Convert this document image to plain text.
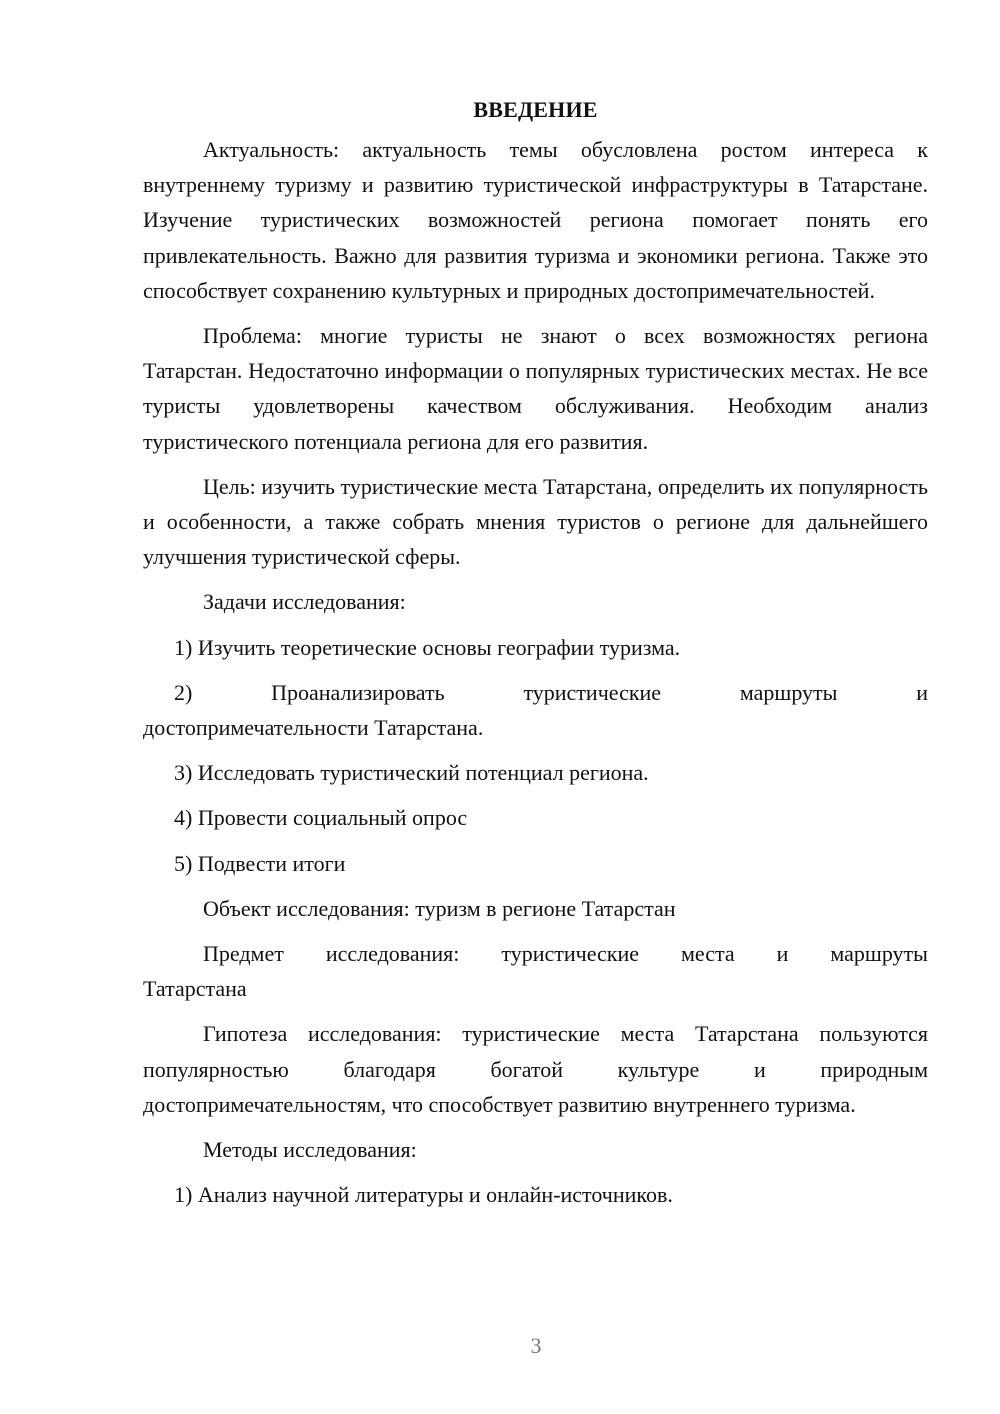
ВВЕДЕНИЕ

Актуальность: актуальность темы обусловлена ростом интереса к внутреннему туризму и развитию туристической инфраструктуры в Татарстане. Изучение туристических возможностей региона помогает понять его привлекательность. Важно для развития туризма и экономики региона. Также это способствует сохранению культурных и природных достопримечательностей.

Проблема: многие туристы не знают о всех возможностях региона Татарстан. Недостаточно информации о популярных туристических местах. Не все туристы удовлетворены качеством обслуживания. Необходим анализ туристического потенциала региона для его развития.

Цель: изучить туристические места Татарстана, определить их популярность и особенности, а также собрать мнения туристов о регионе для дальнейшего улучшения туристической сферы.

Задачи исследования:

1) Изучить теоретические основы географии туризма.

2)	Проанализировать	туристические	маршруты	и
достопримечательности Татарстана.

3) Исследовать туристический потенциал региона.

4) Провести социальный опрос

5) Подвести итоги

Объект исследования: туризм в регионе Татарстан

Предмет исследования: туристические места и маршруты
Татарстана

Гипотеза исследования: туристические места Татарстана пользуются популярностью благодаря богатой культуре и природным достопримечательностям, что способствует развитию внутреннего туризма.

Методы исследования:

1) Анализ научной литературы и онлайн-источников.

3
